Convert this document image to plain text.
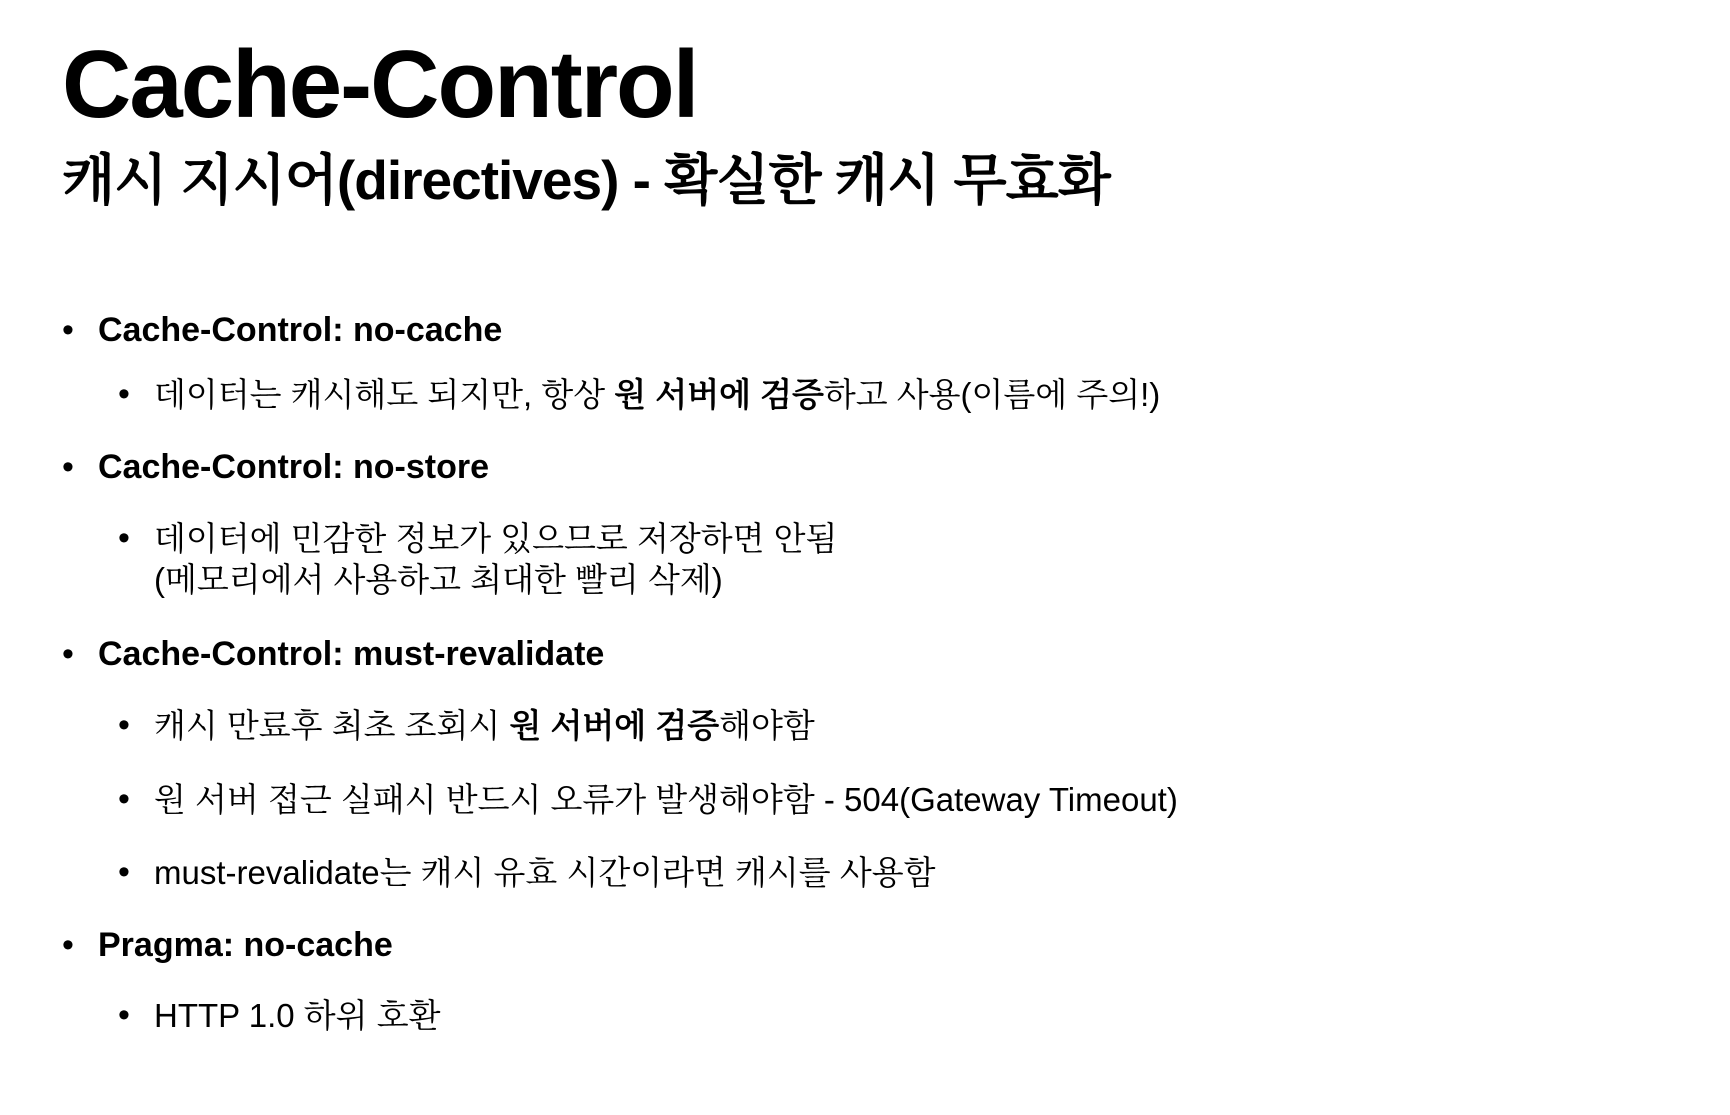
Cache-Control
캐시 지시어(directives) - 확실한 캐시 무효화
• Cache-Control: no-cache
• 데이터는 캐시해도 되지만, 항상 원 서버에 검증하고 사용(이름에 주의!)
• Cache-Control: no-store
• 데이터에 민감한 정보가 있으므로 저장하면 안됨
(메모리에서 사용하고 최대한 빨리 삭제)
• Cache-Control: must-revalidate
• 캐시 만료후 최초 조회시 원 서버에 검증해야함
• 원 서버 접근 실패시 반드시 오류가 발생해야함 - 504(Gateway Timeout)
• must-revalidate는 캐시 유효 시간이라면 캐시를 사용함
• Pragma: no-cache
• HTTP 1.0 하위 호환
